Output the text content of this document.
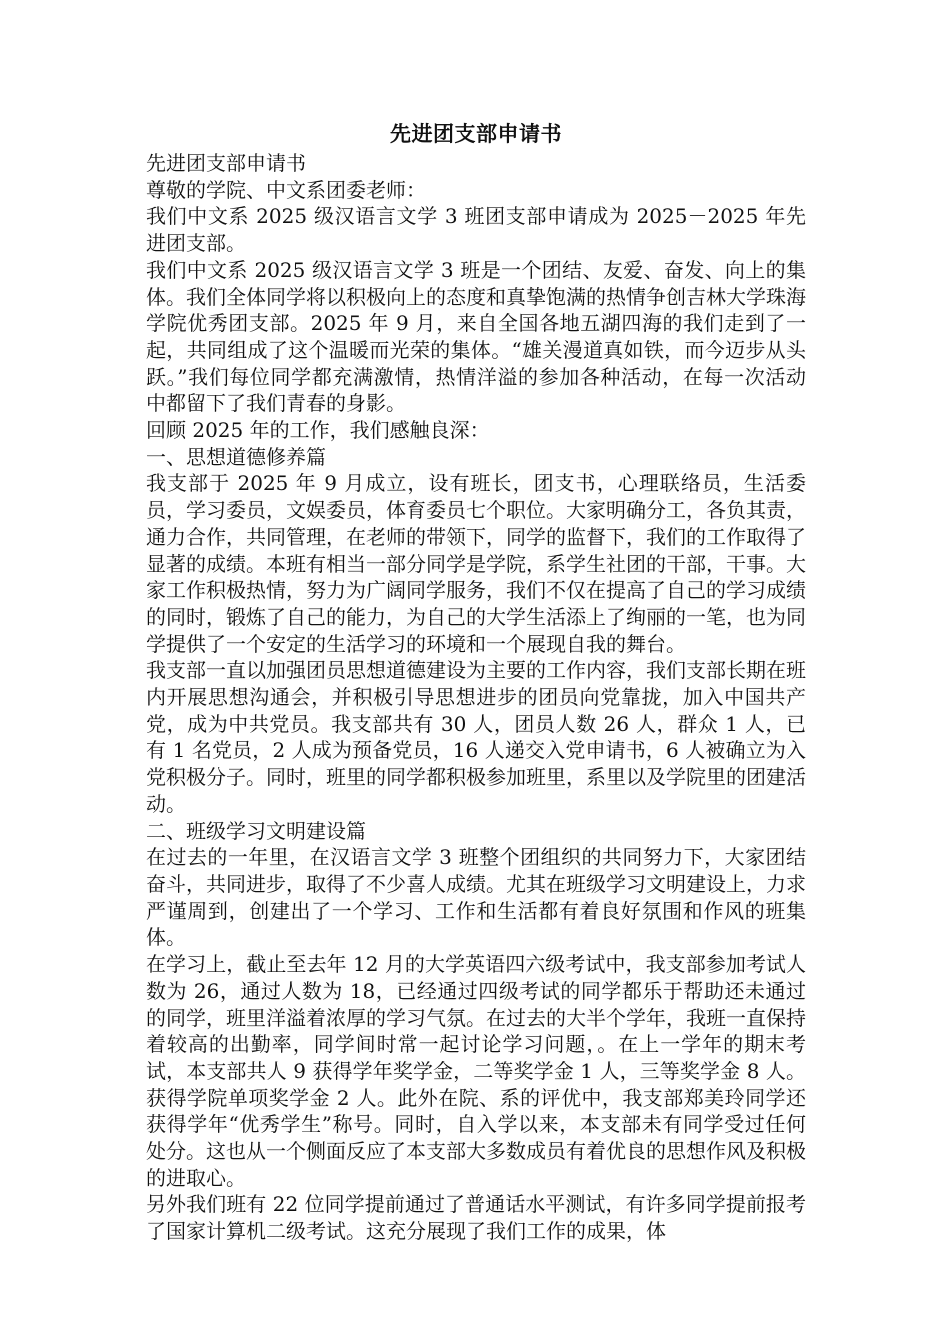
先进团支部申请书

先进团支部申请书

尊敬的学院、中文系团委老师：

我们中文系 2025 级汉语言文学 3 班团支部申请成为 2025－2025 年先进团支部。

我们中文系 2025 级汉语言文学 3 班是一个团结、友爱、奋发、向上的集体。我们全体同学将以积极向上的态度和真挚饱满的热情争创吉林大学珠海学院优秀团支部。2025 年 9 月，来自全国各地五湖四海的我们走到了一起，共同组成了这个温暖而光荣的集体。“雄关漫道真如铁，而今迈步从头跃。”我们每位同学都充满激情，热情洋溢的参加各种活动，在每一次活动中都留下了我们青春的身影。

回顾 2025 年的工作，我们感触良深：

一、思想道德修养篇

我支部于 2025 年 9 月成立，设有班长，团支书，心理联络员，生活委员，学习委员，文娱委员，体育委员七个职位。大家明确分工，各负其责，通力合作，共同管理，在老师的带领下，同学的监督下，我们的工作取得了显著的成绩。本班有相当一部分同学是学院，系学生社团的干部，干事。大家工作积极热情，努力为广阔同学服务，我们不仅在提高了自己的学习成绩的同时，锻炼了自己的能力，为自己的大学生活添上了绚丽的一笔，也为同学提供了一个安定的生活学习的环境和一个展现自我的舞台。

我支部一直以加强团员思想道德建设为主要的工作内容，我们支部长期在班内开展思想沟通会，并积极引导思想进步的团员向党靠拢，加入中国共产党，成为中共党员。我支部共有 30 人，团员人数 26 人，群众 1 人，已有 1 名党员，2 人成为预备党员，16 人递交入党申请书，6 人被确立为入党积极分子。同时，班里的同学都积极参加班里，系里以及学院里的团建活动。

二、班级学习文明建设篇

在过去的一年里，在汉语言文学 3 班整个团组织的共同努力下，大家团结奋斗，共同进步，取得了不少喜人成绩。尤其在班级学习文明建设上，力求严谨周到，创建出了一个学习、工作和生活都有着良好氛围和作风的班集体。

在学习上，截止至去年 12 月的大学英语四六级考试中，我支部参加考试人数为 26，通过人数为 18，已经通过四级考试的同学都乐于帮助还未通过的同学，班里洋溢着浓厚的学习气氛。在过去的大半个学年，我班一直保持着较高的出勤率，同学间时常一起讨论学习问题，。在上一学年的期末考试，本支部共人 9 获得学年奖学金，二等奖学金 1 人，三等奖学金 8 人。获得学院单项奖学金 2 人。此外在院、系的评优中，我支部郑美玲同学还获得学年“优秀学生”称号。同时，自入学以来，本支部未有同学受过任何处分。这也从一个侧面反应了本支部大多数成员有着优良的思想作风及积极的进取心。

另外我们班有 22 位同学提前通过了普通话水平测试，有许多同学提前报考了国家计算机二级考试。这充分展现了我们工作的成果，体
